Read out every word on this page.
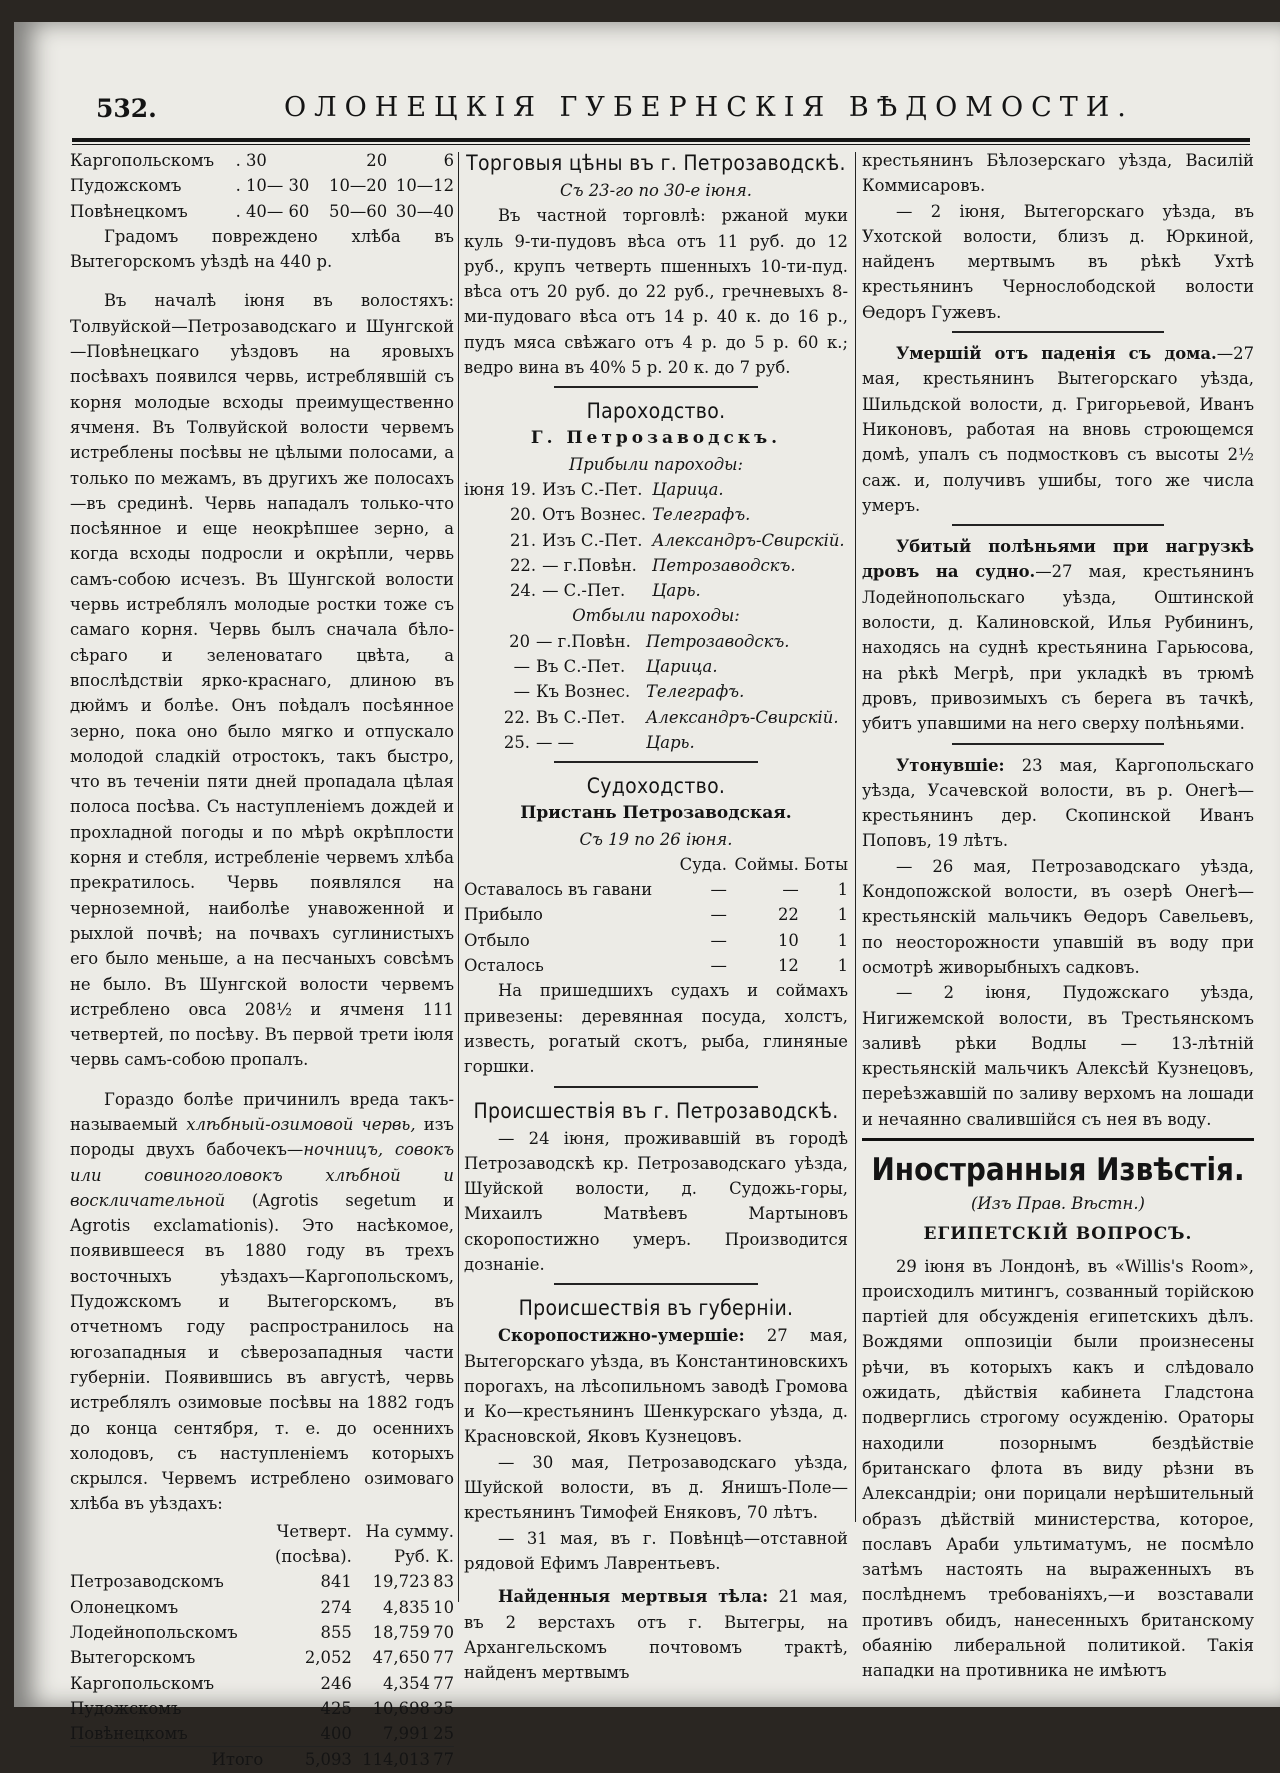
532.	ОЛОНЕЦКІЯ ГУБЕРНСКІЯ ВѢДОМОСТИ.
Каргопольскомъ	. 30	20	6
Пудожскомъ	. 10— 30	10—20	10—12
Повѣнецкомъ	. 40— 60	50—60	30—40

Градомъ повреждено хлѣба въ Вытегорскомъ уѣздѣ на 440 р.

Въ началѣ іюня въ волостяхъ: Толвуйской—Петрозаводскаго и Шунгской—Повѣнецкаго уѣздовъ на яровыхъ посѣвахъ появился червь, истреблявшій съ корня молодые всходы преимущественно ячменя. Въ Толвуйской волости червемъ истреблены посѣвы не цѣлыми полосами, а только по межамъ, въ другихъ же полосахъ—въ срединѣ. Червь нападалъ только-что посѣянное и еще неокрѣпшее зерно, а когда всходы подросли и окрѣпли, червь самъ-собою исчезъ. Въ Шунгской волости червь истреблялъ молодые ростки тоже съ самаго корня. Червь былъ сначала бѣло-сѣраго и зеленоватаго цвѣта, а впослѣдствіи ярко-краснаго, длиною въ дюймъ и болѣе. Онъ поѣдалъ посѣянное зерно, пока оно было мягко и отпускало молодой сладкій отростокъ, такъ быстро, что въ теченіи пяти дней пропадала цѣлая полоса посѣва. Съ наступленіемъ дождей и прохладной погоды и по мѣрѣ окрѣплости корня и стебля, истребленіе червемъ хлѣба прекратилось. Червь появлялся на черноземной, наиболѣе унавоженной и рыхлой почвѣ; на почвахъ суглинистыхъ его было меньше, а на песчаныхъ совсѣмъ не было. Въ Шунгской волости червемъ истреблено овса 208½ и ячменя 111 четвертей, по посѣву. Въ первой трети іюля червь самъ-собою пропалъ.

Гораздо болѣе причинилъ вреда такъ-называемый хлѣбный-озимовой червь, изъ породы двухъ бабочекъ—ночницъ, совокъ или совиноголовокъ хлѣбной и воскличательной (Agrotis segetum и Agrotis exclamationis). Это насѣкомое, появившееся въ 1880 году въ трехъ восточныхъ уѣздахъ—Каргопольскомъ, Пудожскомъ и Вытегорскомъ, въ отчетномъ году распространилось на югозападныя и сѣверозападныя части губерніи. Появившись въ августѣ, червь истреблялъ озимовые посѣвы на 1882 годъ до конца сентября, т. е. до осеннихъ холодовъ, съ наступленіемъ которыхъ скрылся. Червемъ истреблено озимоваго хлѣба въ уѣздахъ:

	Четверт.	На сумму.	
	(посѣва).	Руб.	К.
Петрозаводскомъ	841	19,723	83
Олонецкомъ	274	4,835	10
Лодейнопольскомъ	855	18,759	70
Вытегорскомъ	2,052	47,650	77
Каргопольскомъ	246	4,354	77
Пудожскомъ	425	10,698	35
Повѣнецкомъ	400	7,991	25
Итого	5,093	114,013	77
Торговыя цѣны въ г. Петрозаводскѣ.
Съ 23-го по 30-е іюня.

Въ частной торговлѣ: ржаной муки куль 9-ти-пудовъ вѣса отъ 11 руб. до 12 руб., крупъ четверть пшенныхъ 10-ти-пуд. вѣса отъ 20 руб. до 22 руб., гречневыхъ 8-ми-пудоваго вѣса отъ 14 р. 40 к. до 16 р., пудъ мяса свѣжаго отъ 4 р. до 5 р. 60 к.; ведро вина въ 40% 5 р. 20 к. до 7 руб.

Пароходство.
Г. Петрозаводскъ.
Прибыли пароходы:
іюня 19.	Изъ С.-Пет.	Царица.
20.	Отъ Вознес.	Телеграфъ.
21.	Изъ С.-Пет.	Александръ-Свирскій.
22.	— г.Повѣн.	Петрозаводскъ.
24.	— С.-Пет.	Царь.
Отбыли пароходы:
20	— г.Повѣн.	Петрозаводскъ.
—	Въ С.-Пет.	Царица.
—	Къ Вознес.	Телеграфъ.
22.	Въ С.-Пет.	Александръ-Свирскій.
25.	— —	Царь.
Судоходство.
Пристань Петрозаводская.
Съ 19 по 26 іюня.
	Суда.	Соймы.	Боты
Оставалось въ гавани	—	—	1
Прибыло	—	22	1
Отбыло	—	10	1
Осталось	—	12	1

На пришедшихъ судахъ и соймахъ привезены: деревянная посуда, холстъ, известь, рогатый скотъ, рыба, глиняные горшки.

Происшествія въ г. Петрозаводскѣ.

— 24 іюня, проживавшій въ городѣ Петрозаводскѣ кр. Петрозаводскаго уѣзда, Шуйской волости, д. Судожь-горы, Михаилъ Матвѣевъ Мартыновъ скоропостижно умеръ. Производится дознаніе.

Происшествія въ губерніи.

Скоропостижно-умершіе: 27 мая, Вытегорскаго уѣзда, въ Константиновскихъ порогахъ, на лѣсопильномъ заводѣ Громова и Ко—крестьянинъ Шенкурскаго уѣзда, д. Красновской, Яковъ Кузнецовъ.

— 30 мая, Петрозаводскаго уѣзда, Шуйской волости, въ д. Янишъ-Поле—крестьянинъ Тимофей Еняковъ, 70 лѣтъ.

— 31 мая, въ г. Повѣнцѣ—отставной рядовой Ефимъ Лаврентьевъ.

Найденныя мертвыя тѣла: 21 мая, въ 2 верстахъ отъ г. Вытегры, на Архангельскомъ почтовомъ трактѣ, найденъ мертвымъ

крестьянинъ Бѣлозерскаго уѣзда, Василій Коммисаровъ.

— 2 іюня, Вытегорскаго уѣзда, въ Ухотской волости, близъ д. Юркиной, найденъ мертвымъ въ рѣкѣ Ухтѣ крестьянинъ Чернослободской волости Ѳедоръ Гужевъ.

Умершій отъ паденія съ дома.—27 мая, крестьянинъ Вытегорскаго уѣзда, Шильдской волости, д. Григорьевой, Иванъ Никоновъ, работая на вновь строющемся домѣ, упалъ съ подмостковъ съ высоты 2½ саж. и, получивъ ушибы, того же числа умеръ.

Убитый полѣньями при нагрузкѣ дровъ на судно.—27 мая, крестьянинъ Лодейнопольскаго уѣзда, Оштинской волости, д. Калиновской, Илья Рубининъ, находясь на суднѣ крестьянина Гарьюсова, на рѣкѣ Мегрѣ, при укладкѣ въ трюмѣ дровъ, привозимыхъ съ берега въ тачкѣ, убитъ упавшими на него сверху полѣньями.

Утонувшіе: 23 мая, Каргопольскаго уѣзда, Усачевской волости, въ р. Онегѣ—крестьянинъ дер. Скопинской Иванъ Поповъ, 19 лѣтъ.

— 26 мая, Петрозаводскаго уѣзда, Кондопожской волости, въ озерѣ Онегѣ—крестьянскій мальчикъ Ѳедоръ Савельевъ, по неосторожности упавшій въ воду при осмотрѣ живорыбныхъ садковъ.

— 2 іюня, Пудожскаго уѣзда, Нигижемской волости, въ Трестьянскомъ заливѣ рѣки Водлы — 13-лѣтній крестьянскій мальчикъ Алексѣй Кузнецовъ, переѣзжавшій по заливу верхомъ на лошади и нечаянно свалившійся съ нея въ воду.

Иностранныя Извѣстія.
(Изъ Прав. Вѣстн.)
ЕГИПЕТСКІЙ ВОПРОСЪ.

29 іюня въ Лондонѣ, въ «Willis's Room», происходилъ митингъ, созванный торійскою партіей для обсужденія египетскихъ дѣлъ. Вождями оппозиціи были произнесены рѣчи, въ которыхъ какъ и слѣдовало ожидать, дѣйствія кабинета Гладстона подверглись строгому осужденію. Ораторы находили позорнымъ бездѣйствіе британскаго флота въ виду рѣзни въ Александріи; они порицали нерѣшительный образъ дѣйствій министерства, которое, пославъ Араби ультиматумъ, не посмѣло затѣмъ настоять на выраженныхъ въ послѣднемъ требованіяхъ,—и возставали противъ обидъ, нанесенныхъ британскому обаянію либеральной политикой. Такія нападки на противника не имѣютъ
